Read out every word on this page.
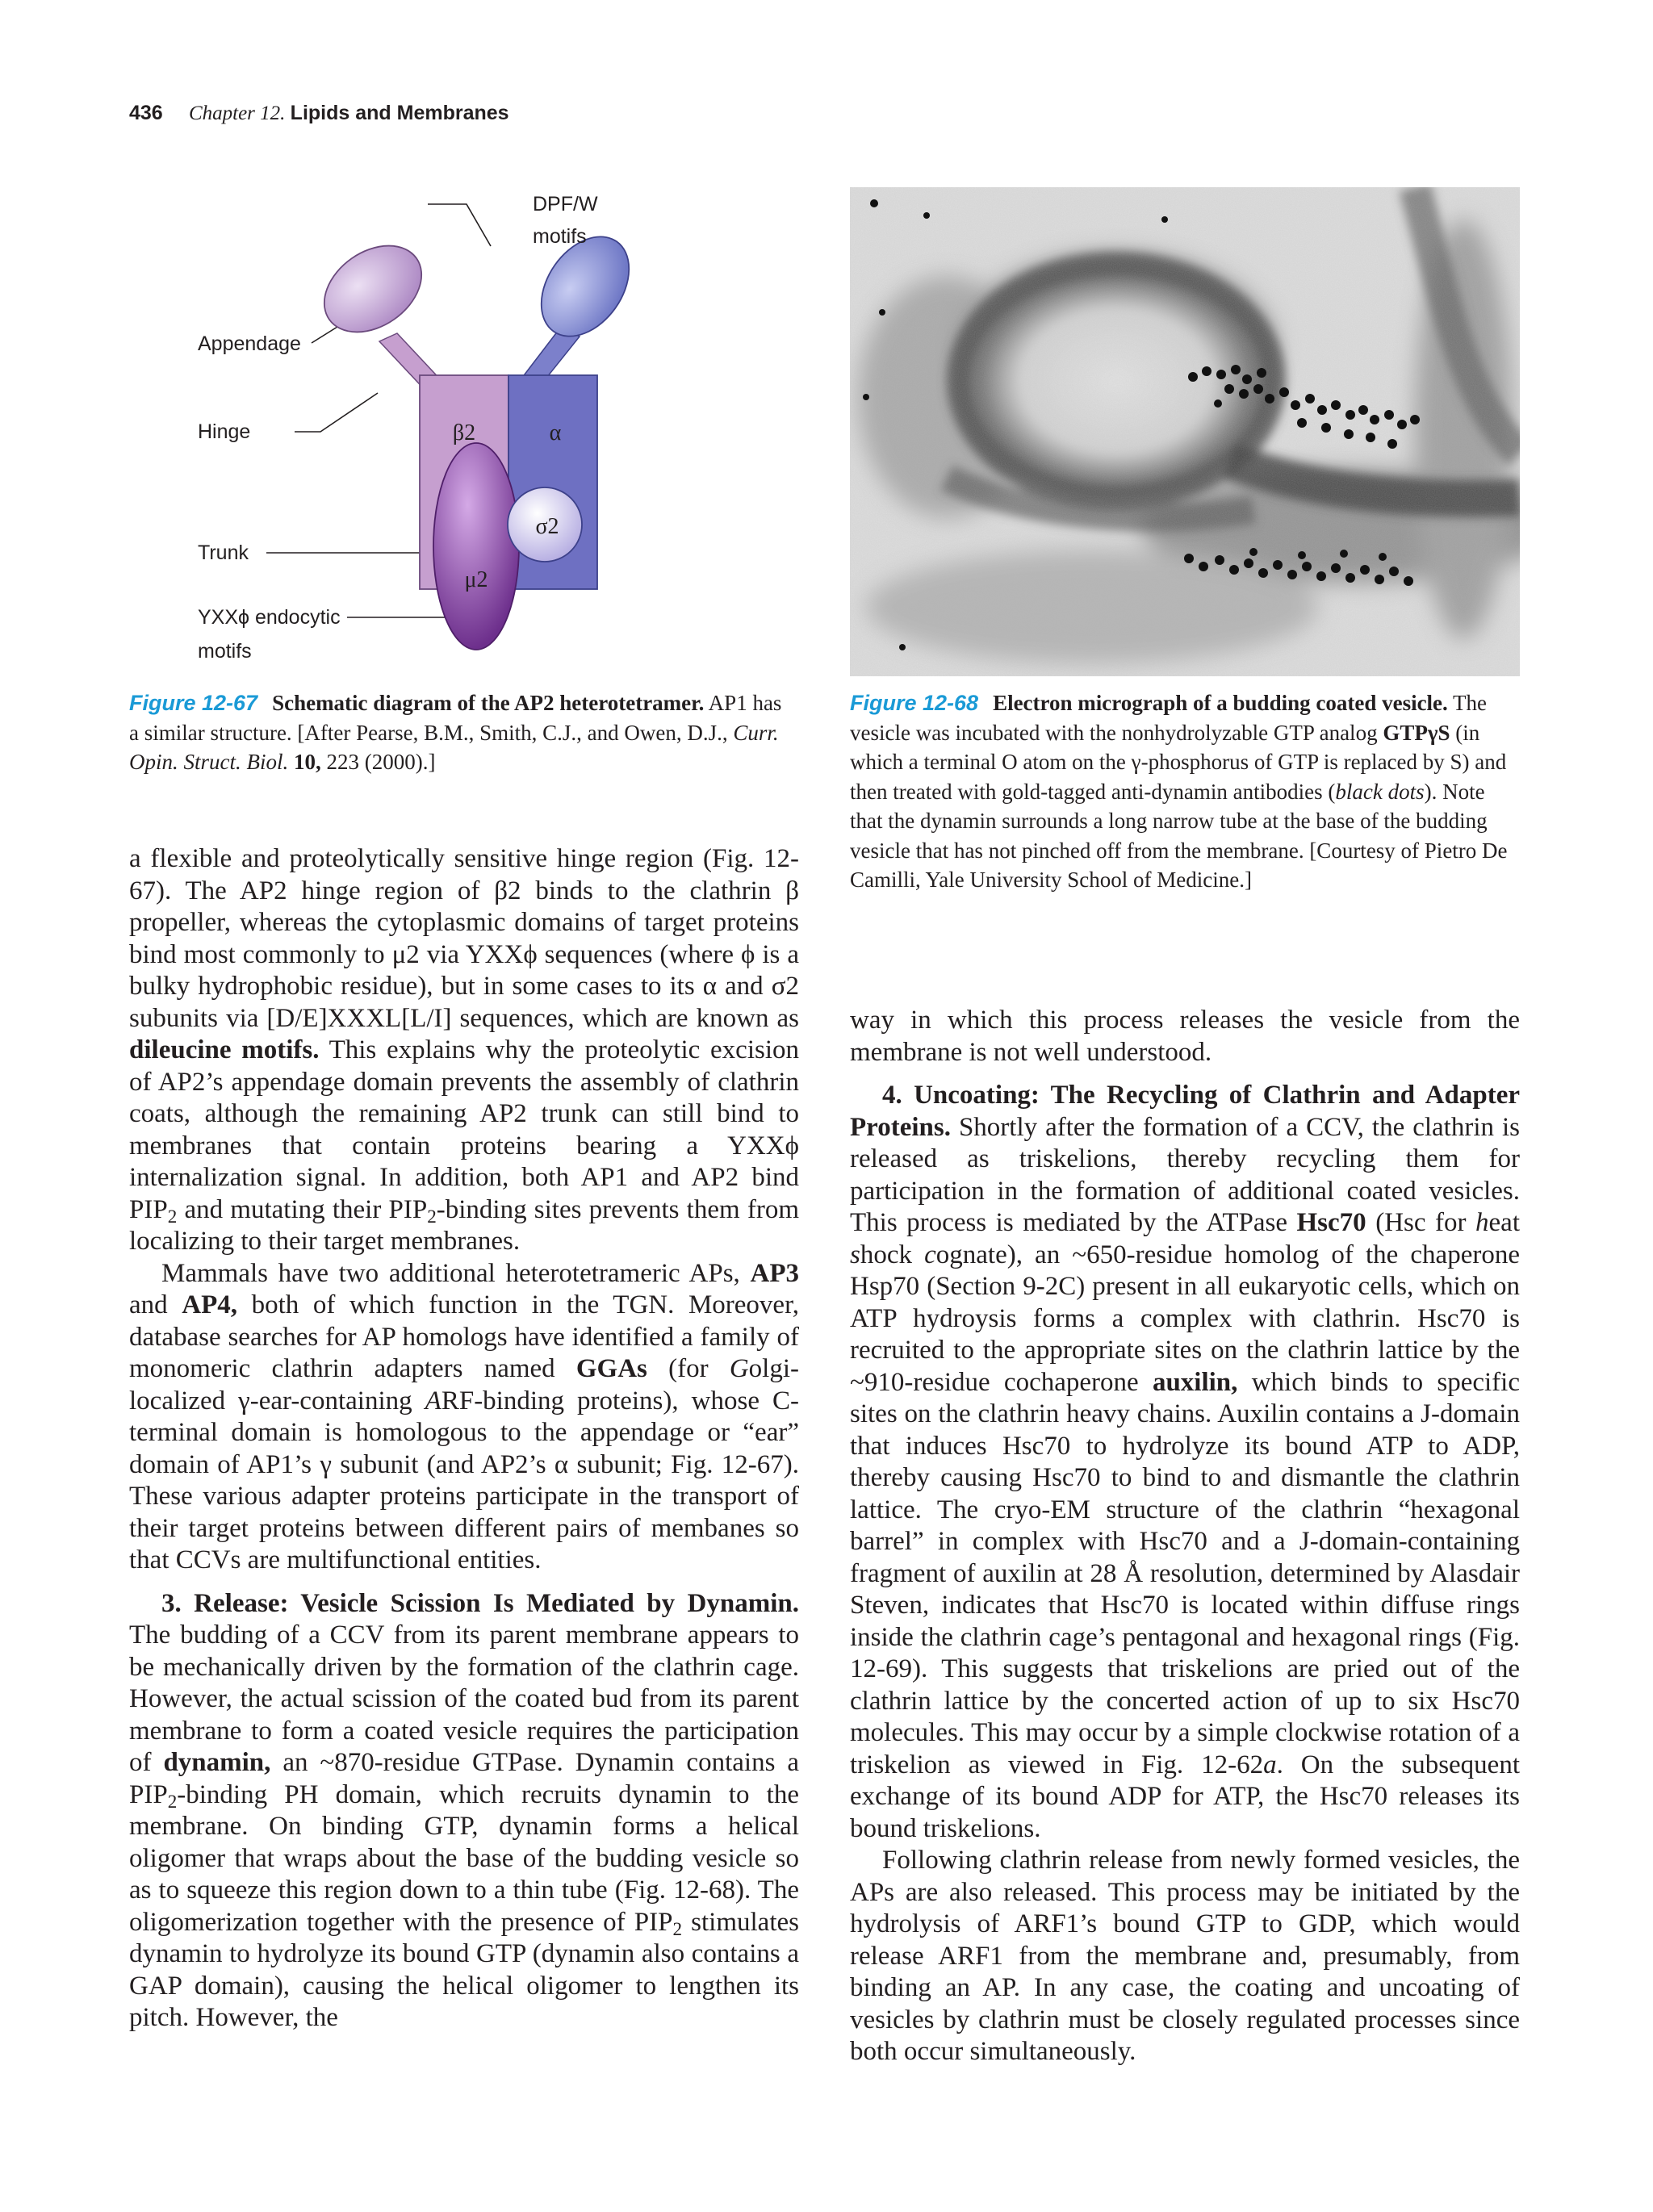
436 Chapter 12. Lipids and Membranes
β2	α
σ2
μ2
DPF/W
motifs
Appendage
Hinge
Trunk
YXXϕ endocytic
motifs
Figure 12-67 Schematic diagram of the AP2 heterotetramer. AP1 has a similar structure. [After Pearse, B.M., Smith, C.J., and Owen, D.J., Curr. Opin. Struct. Biol. 10, 223 (2000).]
Figure 12-68 Electron micrograph of a budding coated vesicle. The vesicle was incubated with the nonhydrolyzable GTP analog GTPγS (in which a terminal O atom on the γ-phosphorus of GTP is replaced by S) and then treated with gold-tagged anti-dynamin antibodies (black dots). Note that the dynamin surrounds a long narrow tube at the base of the budding vesicle that has not pinched off from the membrane. [Courtesy of Pietro De Camilli, Yale University School of Medicine.]

a flexible and proteolytically sensitive hinge region (Fig. 12-67). The AP2 hinge region of β2 binds to the clathrin β propeller, whereas the cytoplasmic domains of target proteins bind most commonly to μ2 via YXXϕ sequences (where ϕ is a bulky hydrophobic residue), but in some cases to its α and σ2 subunits via [D/E]XXXL[L/I] sequences, which are known as dileucine motifs. This explains why the proteolytic excision of AP2’s appendage domain prevents the assembly of clathrin coats, although the remaining AP2 trunk can still bind to membranes that contain proteins bearing a YXXϕ internalization signal. In addition, both AP1 and AP2 bind $PIP_2$ and mutating their $PIP_2$-binding sites prevents them from localizing to their target membranes.

Mammals have two additional heterotetrameric APs, AP3 and AP4, both of which function in the TGN. Moreover, database searches for AP homologs have identified a family of monomeric clathrin adapters named GGAs (for Golgi-localized γ-ear-containing ARF-binding proteins), whose C-terminal domain is homologous to the appendage or “ear” domain of AP1’s γ subunit (and AP2’s α subunit; Fig. 12-67). These various adapter proteins participate in the transport of their target proteins between different pairs of membanes so that CCVs are multifunctional entities.

3. Release: Vesicle Scission Is Mediated by Dynamin. The budding of a CCV from its parent membrane appears to be mechanically driven by the formation of the clathrin cage. However, the actual scission of the coated bud from its parent membrane to form a coated vesicle requires the participation of dynamin, an ~870-residue GTPase. Dynamin contains a $PIP_2$-binding PH domain, which recruits dynamin to the membrane. On binding GTP, dynamin forms a helical oligomer that wraps about the base of the budding vesicle so as to squeeze this region down to a thin tube (Fig. 12-68). The oligomerization together with the presence of $PIP_2$ stimulates dynamin to hydrolyze its bound GTP (dynamin also contains a GAP domain), causing the helical oligomer to lengthen its pitch. However, the

way in which this process releases the vesicle from the membrane is not well understood.

4. Uncoating: The Recycling of Clathrin and Adapter Proteins. Shortly after the formation of a CCV, the clathrin is released as triskelions, thereby recycling them for participation in the formation of additional coated vesicles. This process is mediated by the ATPase Hsc70 (Hsc for heat shock cognate), an ~650-residue homolog of the chaperone Hsp70 (Section 9-2C) present in all eukaryotic cells, which on ATP hydroysis forms a complex with clathrin. Hsc70 is recruited to the appropriate sites on the clathrin lattice by the ~910-residue cochaperone auxilin, which binds to specific sites on the clathrin heavy chains. Auxilin contains a J-domain that induces Hsc70 to hydrolyze its bound ATP to ADP, thereby causing Hsc70 to bind to and dismantle the clathrin lattice. The cryo-EM structure of the clathrin “hexagonal barrel” in complex with Hsc70 and a J-domain-containing fragment of auxilin at 28 Å resolution, determined by Alasdair Steven, indicates that Hsc70 is located within diffuse rings inside the clathrin cage’s pentagonal and hexagonal rings (Fig. 12-69). This suggests that triskelions are pried out of the clathrin lattice by the concerted action of up to six Hsc70 molecules. This may occur by a simple clockwise rotation of a triskelion as viewed in Fig. 12-62a. On the subsequent exchange of its bound ADP for ATP, the Hsc70 releases its bound triskelions.

Following clathrin release from newly formed vesicles, the APs are also released. This process may be initiated by the hydrolysis of ARF1’s bound GTP to GDP, which would release ARF1 from the membrane and, presumably, from binding an AP. In any case, the coating and uncoating of vesicles by clathrin must be closely regulated processes since both occur simultaneously.
